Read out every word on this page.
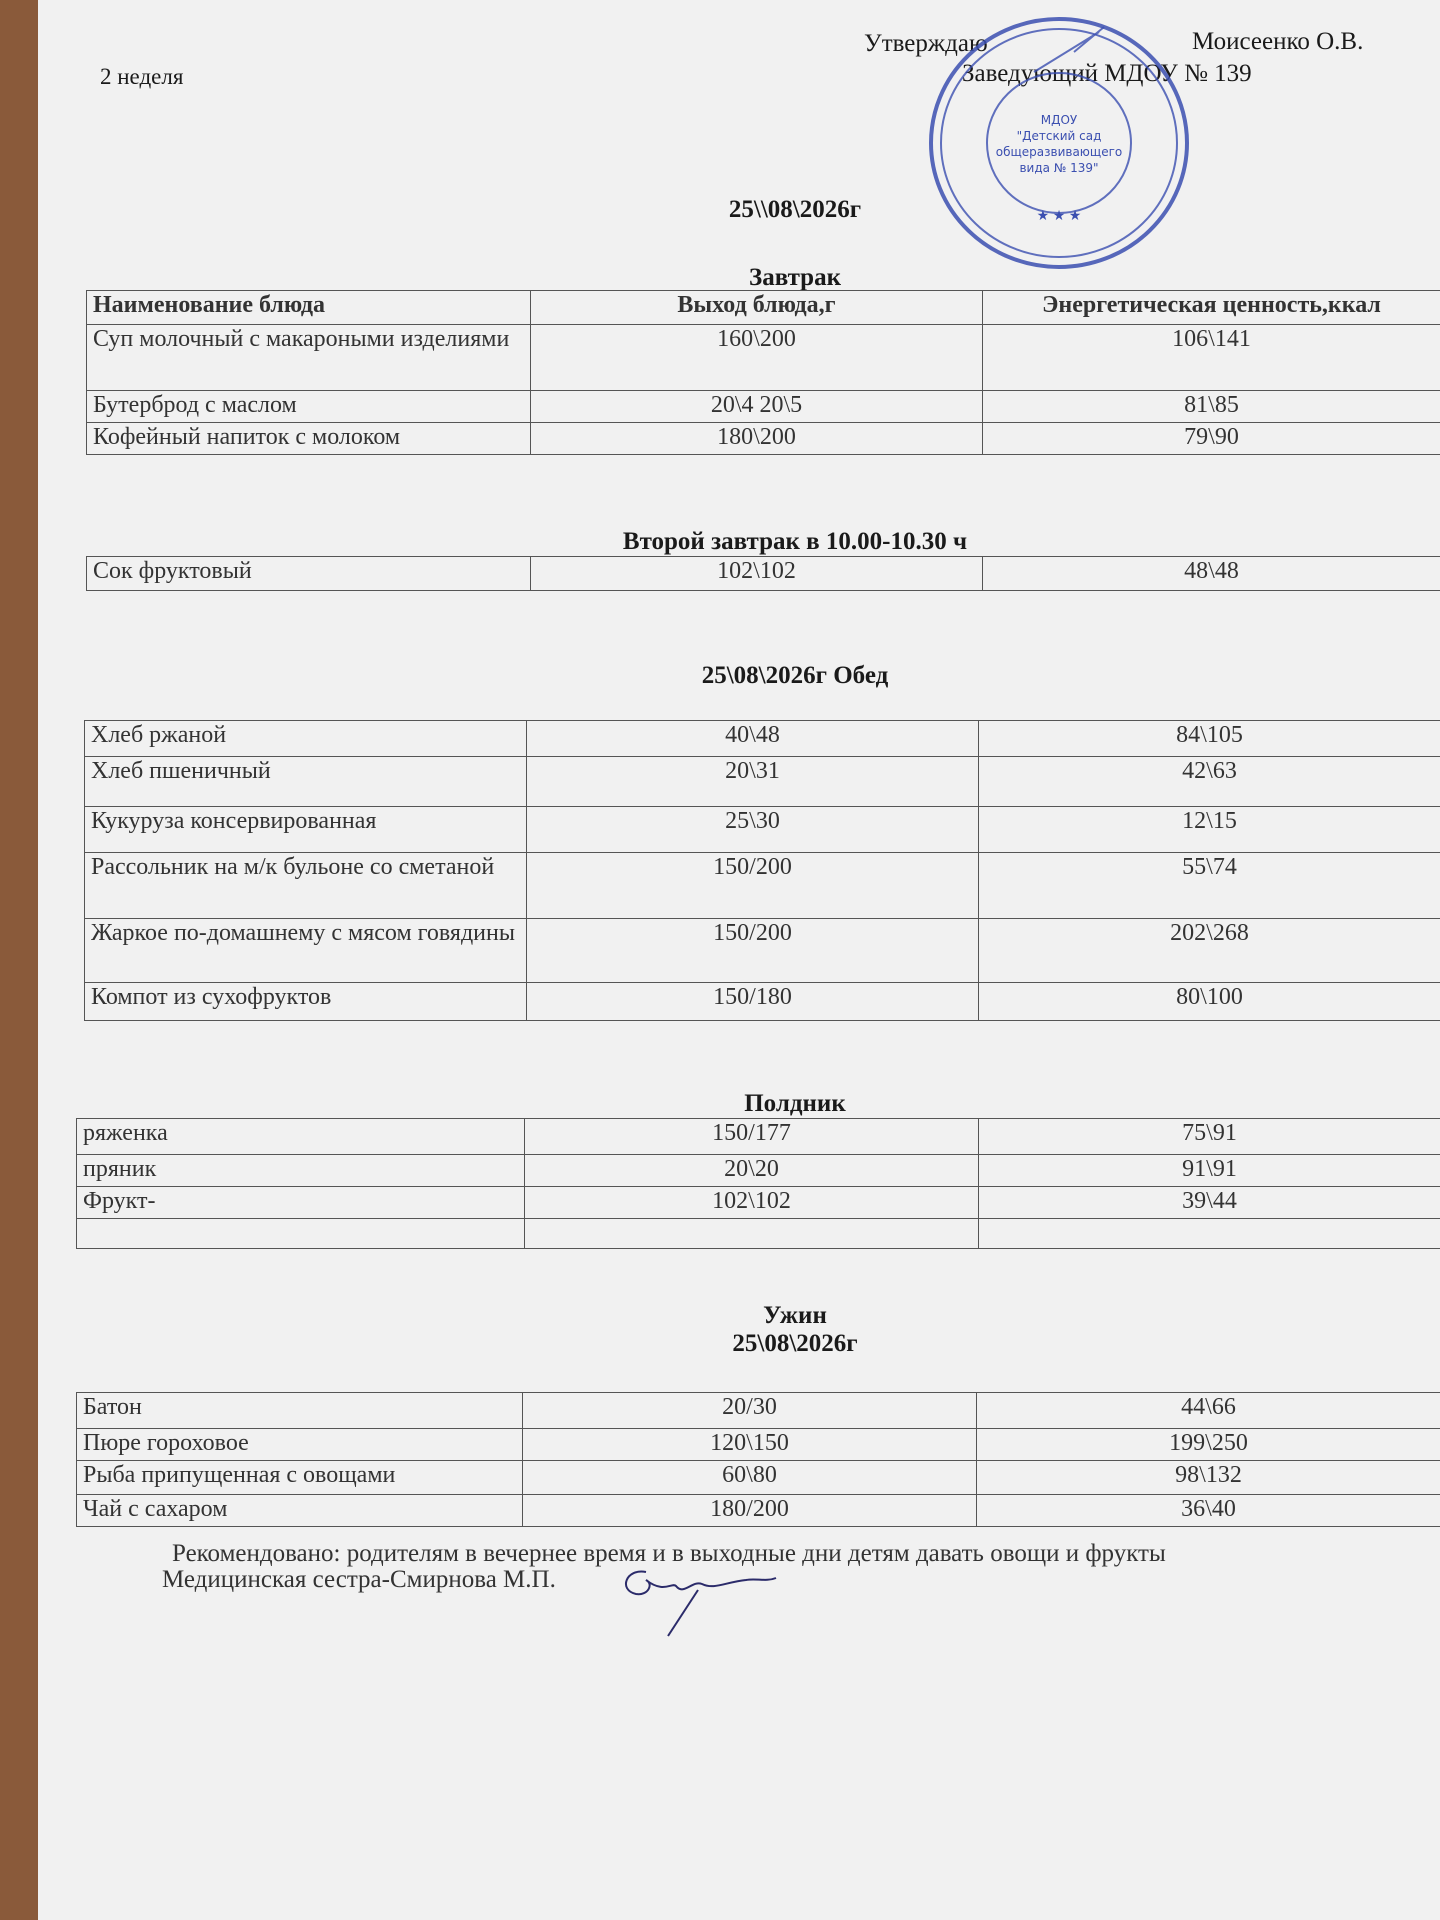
2 неделя
Утверждаю	Моисеенко О.В.
Заведующий МДОУ № 139
МДОУ
"Детский сад
общеразвивающего
вида № 139"
★ ★ ★
25\\08\2026г
Завтрак
Наименование блюда	Выход блюда,г	Энергетическая ценность,ккал
Суп молочный с макароными изделиями	160\200	106\141
Бутерброд с маслом	20\4 20\5	81\85
Кофейный напиток с молоком	180\200	79\90
Второй завтрак в 10.00-10.30 ч
Сок фруктовый	102\102	48\48
25\08\2026г Обед
Хлеб ржаной	40\48	84\105
Хлеб пшеничный	20\31	42\63
Кукуруза консервированная	25\30	12\15
Рассольник на м/к бульоне со сметаной	150/200	55\74
Жаркое по-домашнему с мясом говядины	150/200	202\268
Компот из сухофруктов	150/180	80\100
Полдник
ряженка	150/177	75\91
пряник	20\20	91\91
Фрукт-	102\102	39\44

Ужин
25\08\2026г
Батон	20/30	44\66
Пюре гороховое	120\150	199\250
Рыба припущенная с овощами	60\80	98\132
Чай с сахаром	180/200	36\40
Рекомендовано: родителям в вечернее время и в выходные дни детям давать овощи и фрукты
Медицинская сестра-Смирнова М.П.
